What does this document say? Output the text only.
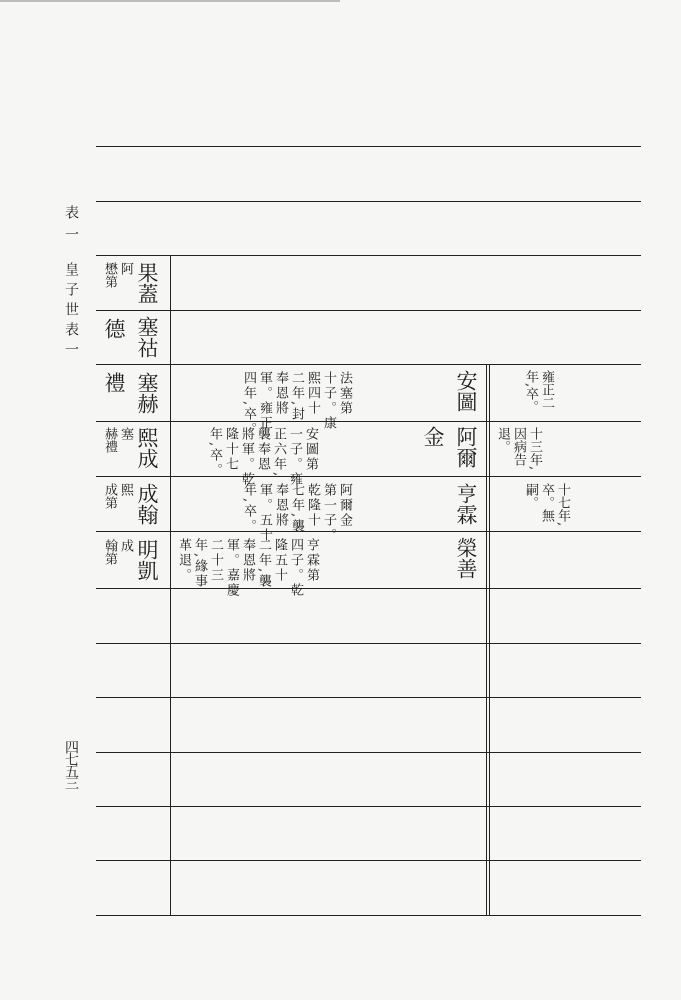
表一
皇子世表一
四七五三
阿
懋第 果蓋
德 塞祜
禮 塞赫
塞
赫禮 熙成
熙
成第 成翰
成
翰第 明凱
雍正二
年,卒。
十三年,
因病告
退。
十七年,
卒。無
嗣。
安圖
金 阿爾
亨霖
榮善
法塞第
十子。康
熙四十
二年,封
奉恩將
軍。雍正
四年,卒。
安圖第
一子。雍
正六年,
襲奉恩
將軍。乾
隆十七
年,卒。
阿爾金
第一子。
乾隆十
七年,襲
奉恩將
軍。五十
年,卒。
亨霖第
四子。乾
隆五十
二年,襲
奉恩將
軍。嘉慶
二十三
年,緣事
革退。
